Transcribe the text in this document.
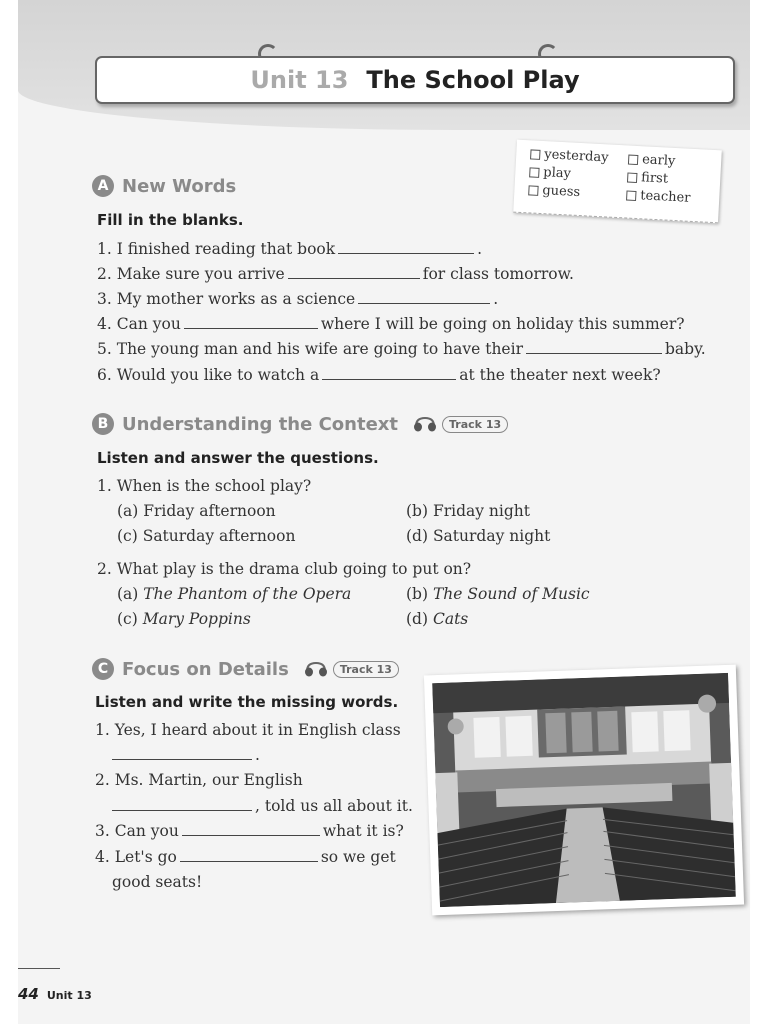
Unit 13 The School Play
yesterday
play
guess
early
first
teacher
A New Words
Fill in the blanks.
1. I finished reading that book	.
2. Make sure you arrive	for class tomorrow.
3. My mother works as a science	.
4. Can you	where I will be going on holiday this summer?
5. The young man and his wife are going to have their	baby.
6. Would you like to watch a	at the theater next week?
B Understanding the Context	Track 13
Listen and answer the questions.
1. When is the school play?
(a) Friday afternoon	(b) Friday night
(c) Saturday afternoon	(d) Saturday night
2. What play is the drama club going to put on?
(a) The Phantom of the Opera	(b) The Sound of Music
(c) Mary Poppins	(d) Cats
C Focus on Details	Track 13
Listen and write the missing words.
1. Yes, I heard about it in English class
.
2. Ms. Martin, our English
, told us all about it.
3. Can you	what it is?
4. Let's go	so we get
good seats!
44 Unit 13
